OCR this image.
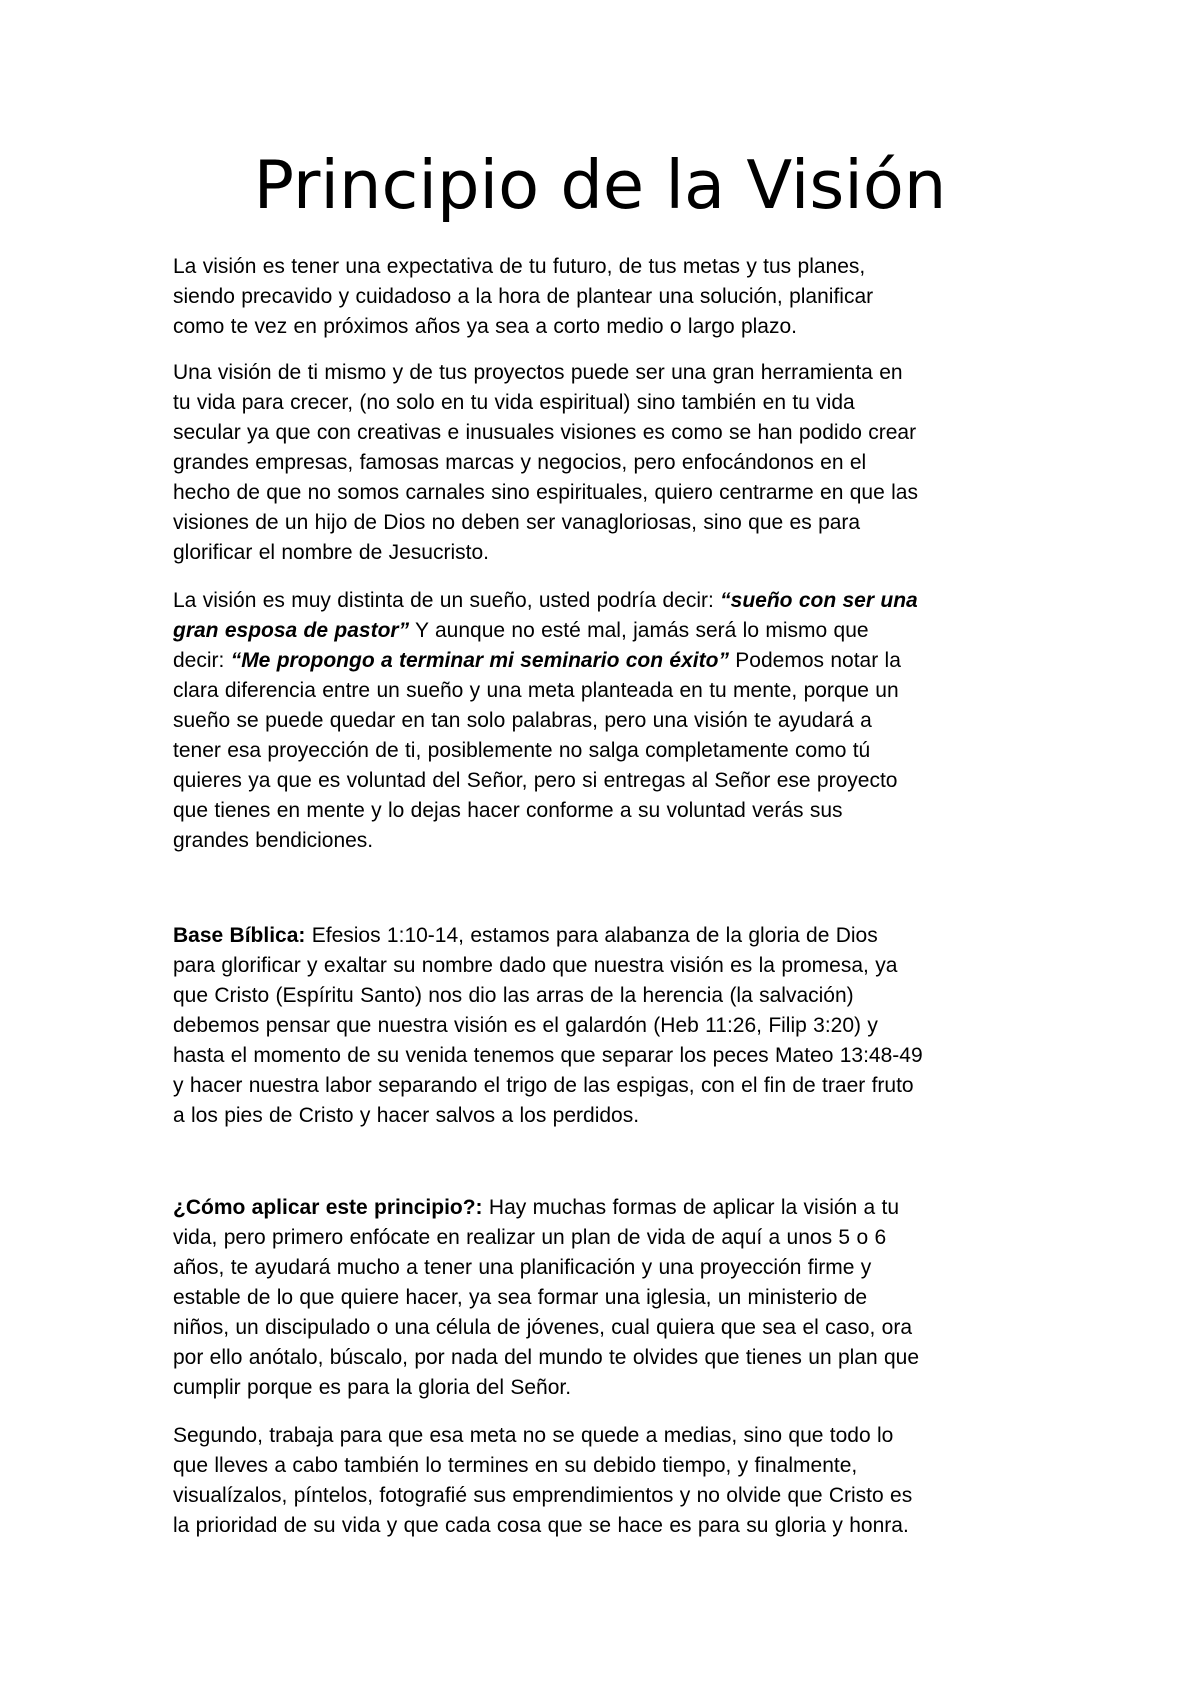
Principio de la Visión

La visión es tener una expectativa de tu futuro, de tus metas y tus planes,
siendo precavido y cuidadoso a la hora de plantear una solución, planificar
como te vez en próximos años ya sea a corto medio o largo plazo.

Una visión de ti mismo y de tus proyectos puede ser una gran herramienta en
tu vida para crecer, (no solo en tu vida espiritual) sino también en tu vida
secular ya que con creativas e inusuales visiones es como se han podido crear
grandes empresas, famosas marcas y negocios, pero enfocándonos en el
hecho de que no somos carnales sino espirituales, quiero centrarme en que las
visiones de un hijo de Dios no deben ser vanagloriosas, sino que es para
glorificar el nombre de Jesucristo.

La visión es muy distinta de un sueño, usted podría decir: “sueño con ser una
gran esposa de pastor” Y aunque no esté mal, jamás será lo mismo que
decir: “Me propongo a terminar mi seminario con éxito” Podemos notar la
clara diferencia entre un sueño y una meta planteada en tu mente, porque un
sueño se puede quedar en tan solo palabras, pero una visión te ayudará a
tener esa proyección de ti, posiblemente no salga completamente como tú
quieres ya que es voluntad del Señor, pero si entregas al Señor ese proyecto
que tienes en mente y lo dejas hacer conforme a su voluntad verás sus
grandes bendiciones.

Base Bíblica: Efesios 1:10-14, estamos para alabanza de la gloria de Dios
para glorificar y exaltar su nombre dado que nuestra visión es la promesa, ya
que Cristo (Espíritu Santo) nos dio las arras de la herencia (la salvación)
debemos pensar que nuestra visión es el galardón (Heb 11:26, Filip 3:20) y
hasta el momento de su venida tenemos que separar los peces Mateo 13:48-49
y hacer nuestra labor separando el trigo de las espigas, con el fin de traer fruto
a los pies de Cristo y hacer salvos a los perdidos.

¿Cómo aplicar este principio?: Hay muchas formas de aplicar la visión a tu
vida, pero primero enfócate en realizar un plan de vida de aquí a unos 5 o 6
años, te ayudará mucho a tener una planificación y una proyección firme y
estable de lo que quiere hacer, ya sea formar una iglesia, un ministerio de
niños, un discipulado o una célula de jóvenes, cual quiera que sea el caso, ora
por ello anótalo, búscalo, por nada del mundo te olvides que tienes un plan que
cumplir porque es para la gloria del Señor.

Segundo, trabaja para que esa meta no se quede a medias, sino que todo lo
que lleves a cabo también lo termines en su debido tiempo, y finalmente,
visualízalos, píntelos, fotografié sus emprendimientos y no olvide que Cristo es
la prioridad de su vida y que cada cosa que se hace es para su gloria y honra.
